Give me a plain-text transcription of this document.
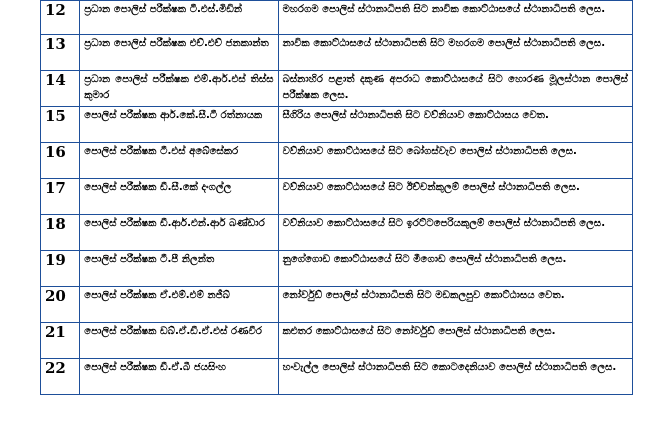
12	ප්‍රධාන පොලිස් පරීක්ෂක ටී.එස්.මිඩින්	මහරගම පොලිස් ස්ථානාධිපති සිට නාවික කොට්ඨාසයේ ස්ථානාධිපති ලෙස.

13	ප්‍රධාන පොලිස් පරීක්ෂක එච්.එච් ජනකාන්ත	නාවික කොට්ඨාසයේ ස්ථානාධිපති සිට මහරගම පොලිස් ස්ථානාධිපති ලෙස.

14	ප්‍රධාන පොලිස් පරීක්ෂක එම්.ආර්.එස් තිස්ස කුමාර	බස්නාහිර පළාත් දකුණ අපරාධ කොට්ඨාසයේ සිට හොරණ මූලස්ථාන පොලිස් පරීක්ෂක ලෙස.

15	පොලිස් පරීක්ෂක ආර්.කේ.සී.ටී රත්නායක	සීගිරිය පොලිස් ස්ථානාධිපති සිට වව්නියාව කොට්ඨාසය වෙත.

16	පොලිස් පරීක්ෂක ටී.එස් අබේසේකර	වව්නියාව කොට්ඨාසයේ සිට බෝගස්වැව පොලිස් ස්ථානාධිපති ලෙස.

17	පොලිස් පරීක්ෂක ඩී.සී.කේ දංගල්ල	වව්නියාව කොට්ඨාසයේ සිට ඊච්චන්කුලම් පොලිස් ස්ථානාධිපති ලෙස.

18	පොලිස් පරීක්ෂක ඩී.ආර්.එන්.ආර් බණ්ඩාර	වව්නියාව කොට්ඨාසයේ සිට ඉරට්ටපෙරියකුලම් පොලිස් ස්ථානාධිපති ලෙස.

19	පොලිස් පරීක්ෂක ටී.පී නිලන්ත	නුගේගොඩ කොට්ඨාසයේ සිට මීගොඩ පොලිස් ස්ථානාධිපති ලෙස.

20	පොලිස් පරීක්ෂක ඒ.එම්.එම් නජීබ්	නෝර්වුඩ් පොලිස් ස්ථානාධිපති සිට මඩකලපුව කොට්ඨාසය වෙත.

21	පොලිස් පරීක්ෂක ඩබ්.ඒ.ඩී.ඒ.එස් රණවීර	කළුතර කොට්ඨාසයේ සිට නෝර්වුඩ් පොලිස් ස්ථානාධිපති ලෙස.

22	පොලිස් පරීක්ෂක ඩී.ඒ.බී ජයසිංහ	හංවැල්ල පොලිස් ස්ථානාධිපති සිට කොටදෙනියාව පොලිස් ස්ථානාධිපති ලෙස.
